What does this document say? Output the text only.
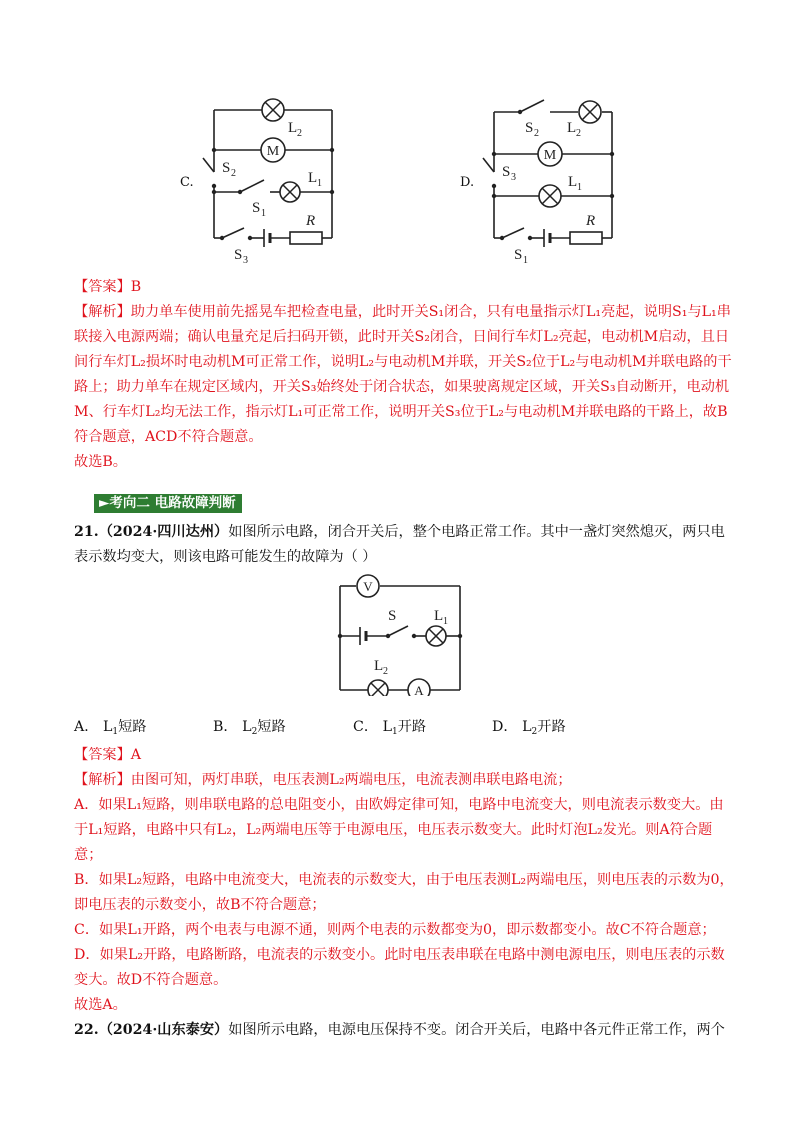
M
L 2
S 2	L 1
S 1	R
S 3
C.
M
S 2 L 2
S 3	L 1
R
S 1
D.
【答案】B
【解析】助力单车使用前先摇晃车把检查电量，此时开关S₁闭合，只有电量指示灯L₁亮起，说明S₁与L₁串
联接入电源两端；确认电量充足后扫码开锁，此时开关S₂闭合，日间行车灯L₂亮起，电动机M启动，且日
间行车灯L₂损坏时电动机M可正常工作，说明L₂与电动机M并联，开关S₂位于L₂与电动机M并联电路的干
路上；助力单车在规定区域内，开关S₃始终处于闭合状态，如果驶离规定区域，开关S₃自动断开，电动机
M、行车灯L₂均无法工作，指示灯L₁可正常工作，说明开关S₃位于L₂与电动机M并联电路的干路上，故B
符合题意，ACD不符合题意。
故选B。
►考向二 电路故障判断
21.（2024·四川达州）如图所示电路，闭合开关后，整个电路正常工作。其中一盏灯突然熄灭，两只电
表示数均变大，则该电路可能发生的故障为（ ）
V
A
S	L 1
L 2
A． $L_1$短路	B． $L_2$短路	C． $L_1$开路	D． $L_2$开路
【答案】A
【解析】由图可知，两灯串联，电压表测L₂两端电压，电流表测串联电路电流；
A．如果L₁短路，则串联电路的总电阻变小，由欧姆定律可知，电路中电流变大，则电流表示数变大。由
于L₁短路，电路中只有L₂，L₂两端电压等于电源电压，电压表示数变大。此时灯泡L₂发光。则A符合题
意；
B．如果L₂短路，电路中电流变大，电流表的示数变大，由于电压表测L₂两端电压，则电压表的示数为0，
即电压表的示数变小，故B不符合题意；
C．如果L₁开路，两个电表与电源不通，则两个电表的示数都变为0，即示数都变小。故C不符合题意；
D．如果L₂开路，电路断路，电流表的示数变小。此时电压表串联在电路中测电源电压，则电压表的示数
变大。故D不符合题意。
故选A。
22.（2024·山东泰安）如图所示电路，电源电压保持不变。闭合开关后，电路中各元件正常工作，两个
